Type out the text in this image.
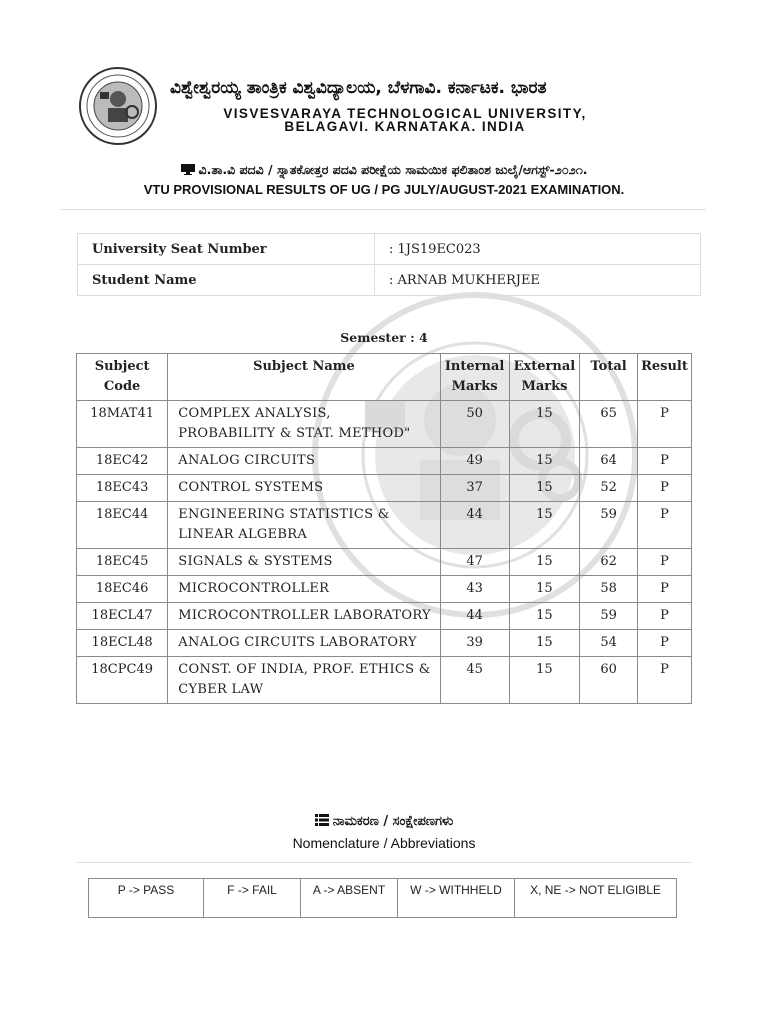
ವಿಶ್ವೇಶ್ವರಯ್ಯ ತಾಂತ್ರಿಕ ವಿಶ್ವವಿದ್ಯಾಲಯ, ಬೆಳಗಾವಿ. ಕರ್ನಾಟಕ. ಭಾರತ
VISVESVARAYA TECHNOLOGICAL UNIVERSITY,
BELAGAVI. KARNATAKA. INDIA
ವಿ.ತಾ.ವಿ ಪದವಿ / ಸ್ನಾತಕೋತ್ತರ ಪದವಿ ಪರೀಕ್ಷೆಯ ಸಾಮಯಿಕ ಫಲಿತಾಂಶ ಜುಲೈ/ಆಗಸ್ಟ್-೨೦೨೧.
VTU PROVISIONAL RESULTS OF UG / PG JULY/AUGUST-2021 EXAMINATION.
University Seat Number	: 1JS19EC023
Student Name	: ARNAB MUKHERJEE
Semester : 4
Subject Code	Subject Name	Internal Marks	External Marks	Total	Result
18MAT41	COMPLEX ANALYSIS, PROBABILITY & STAT. METHOD"	50	15	65	P
18EC42	ANALOG CIRCUITS	49	15	64	P
18EC43	CONTROL SYSTEMS	37	15	52	P
18EC44	ENGINEERING STATISTICS & LINEAR ALGEBRA	44	15	59	P
18EC45	SIGNALS & SYSTEMS	47	15	62	P
18EC46	MICROCONTROLLER	43	15	58	P
18ECL47	MICROCONTROLLER LABORATORY	44	15	59	P
18ECL48	ANALOG CIRCUITS LABORATORY	39	15	54	P
18CPC49	CONST. OF INDIA, PROF. ETHICS & CYBER LAW	45	15	60	P
ನಾಮಕರಣ / ಸಂಕ್ಷೇಪಣಗಳು
Nomenclature / Abbreviations
P -> PASS	F -> FAIL	A -> ABSENT	W -> WITHHELD	X, NE -> NOT ELIGIBLE
